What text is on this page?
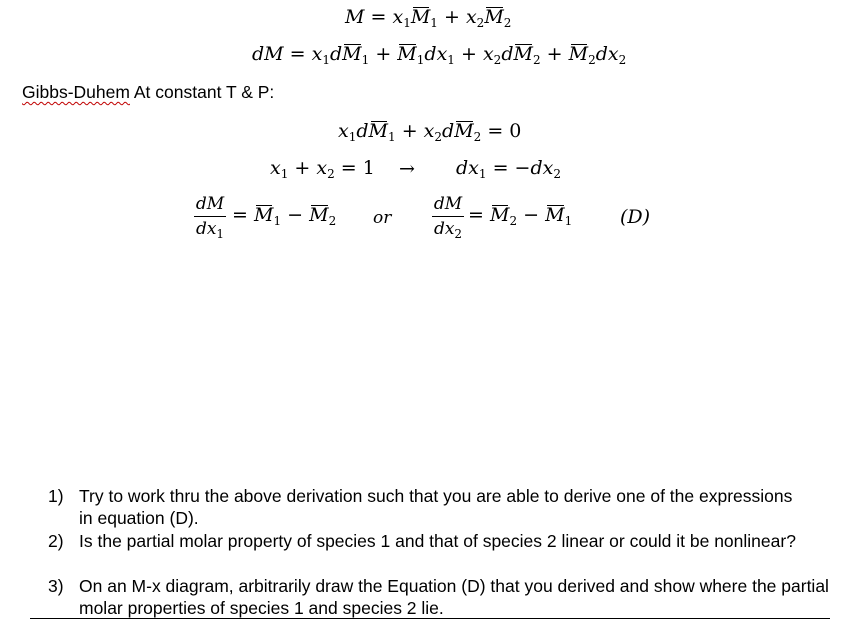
$M = x_1M_1 + x_2M_2$
dM = $x_1dM_1 + M_1dx_1 + x_2dM_2 + M_2dx_2$
Gibbs-Duhem At constant T & P:
$x_1dM_1 + x_2dM_2 = 0$
$x_1 + x_2 = 1 \to dx_1 = -dx_2$
$\frac{dM}{dx_1} = M_1 - M_2$ or $\frac{dM}{dx_2} = M_2 - M_1$	(D)
1) Try to work thru the above derivation such that you are able to derive one of the expressions in equation (D).
2) Is the partial molar property of species 1 and that of species 2 linear or could it be nonlinear?
3) On an M-x diagram, arbitrarily draw the Equation (D) that you derived and show where the partial molar properties of species 1 and species 2 lie.
